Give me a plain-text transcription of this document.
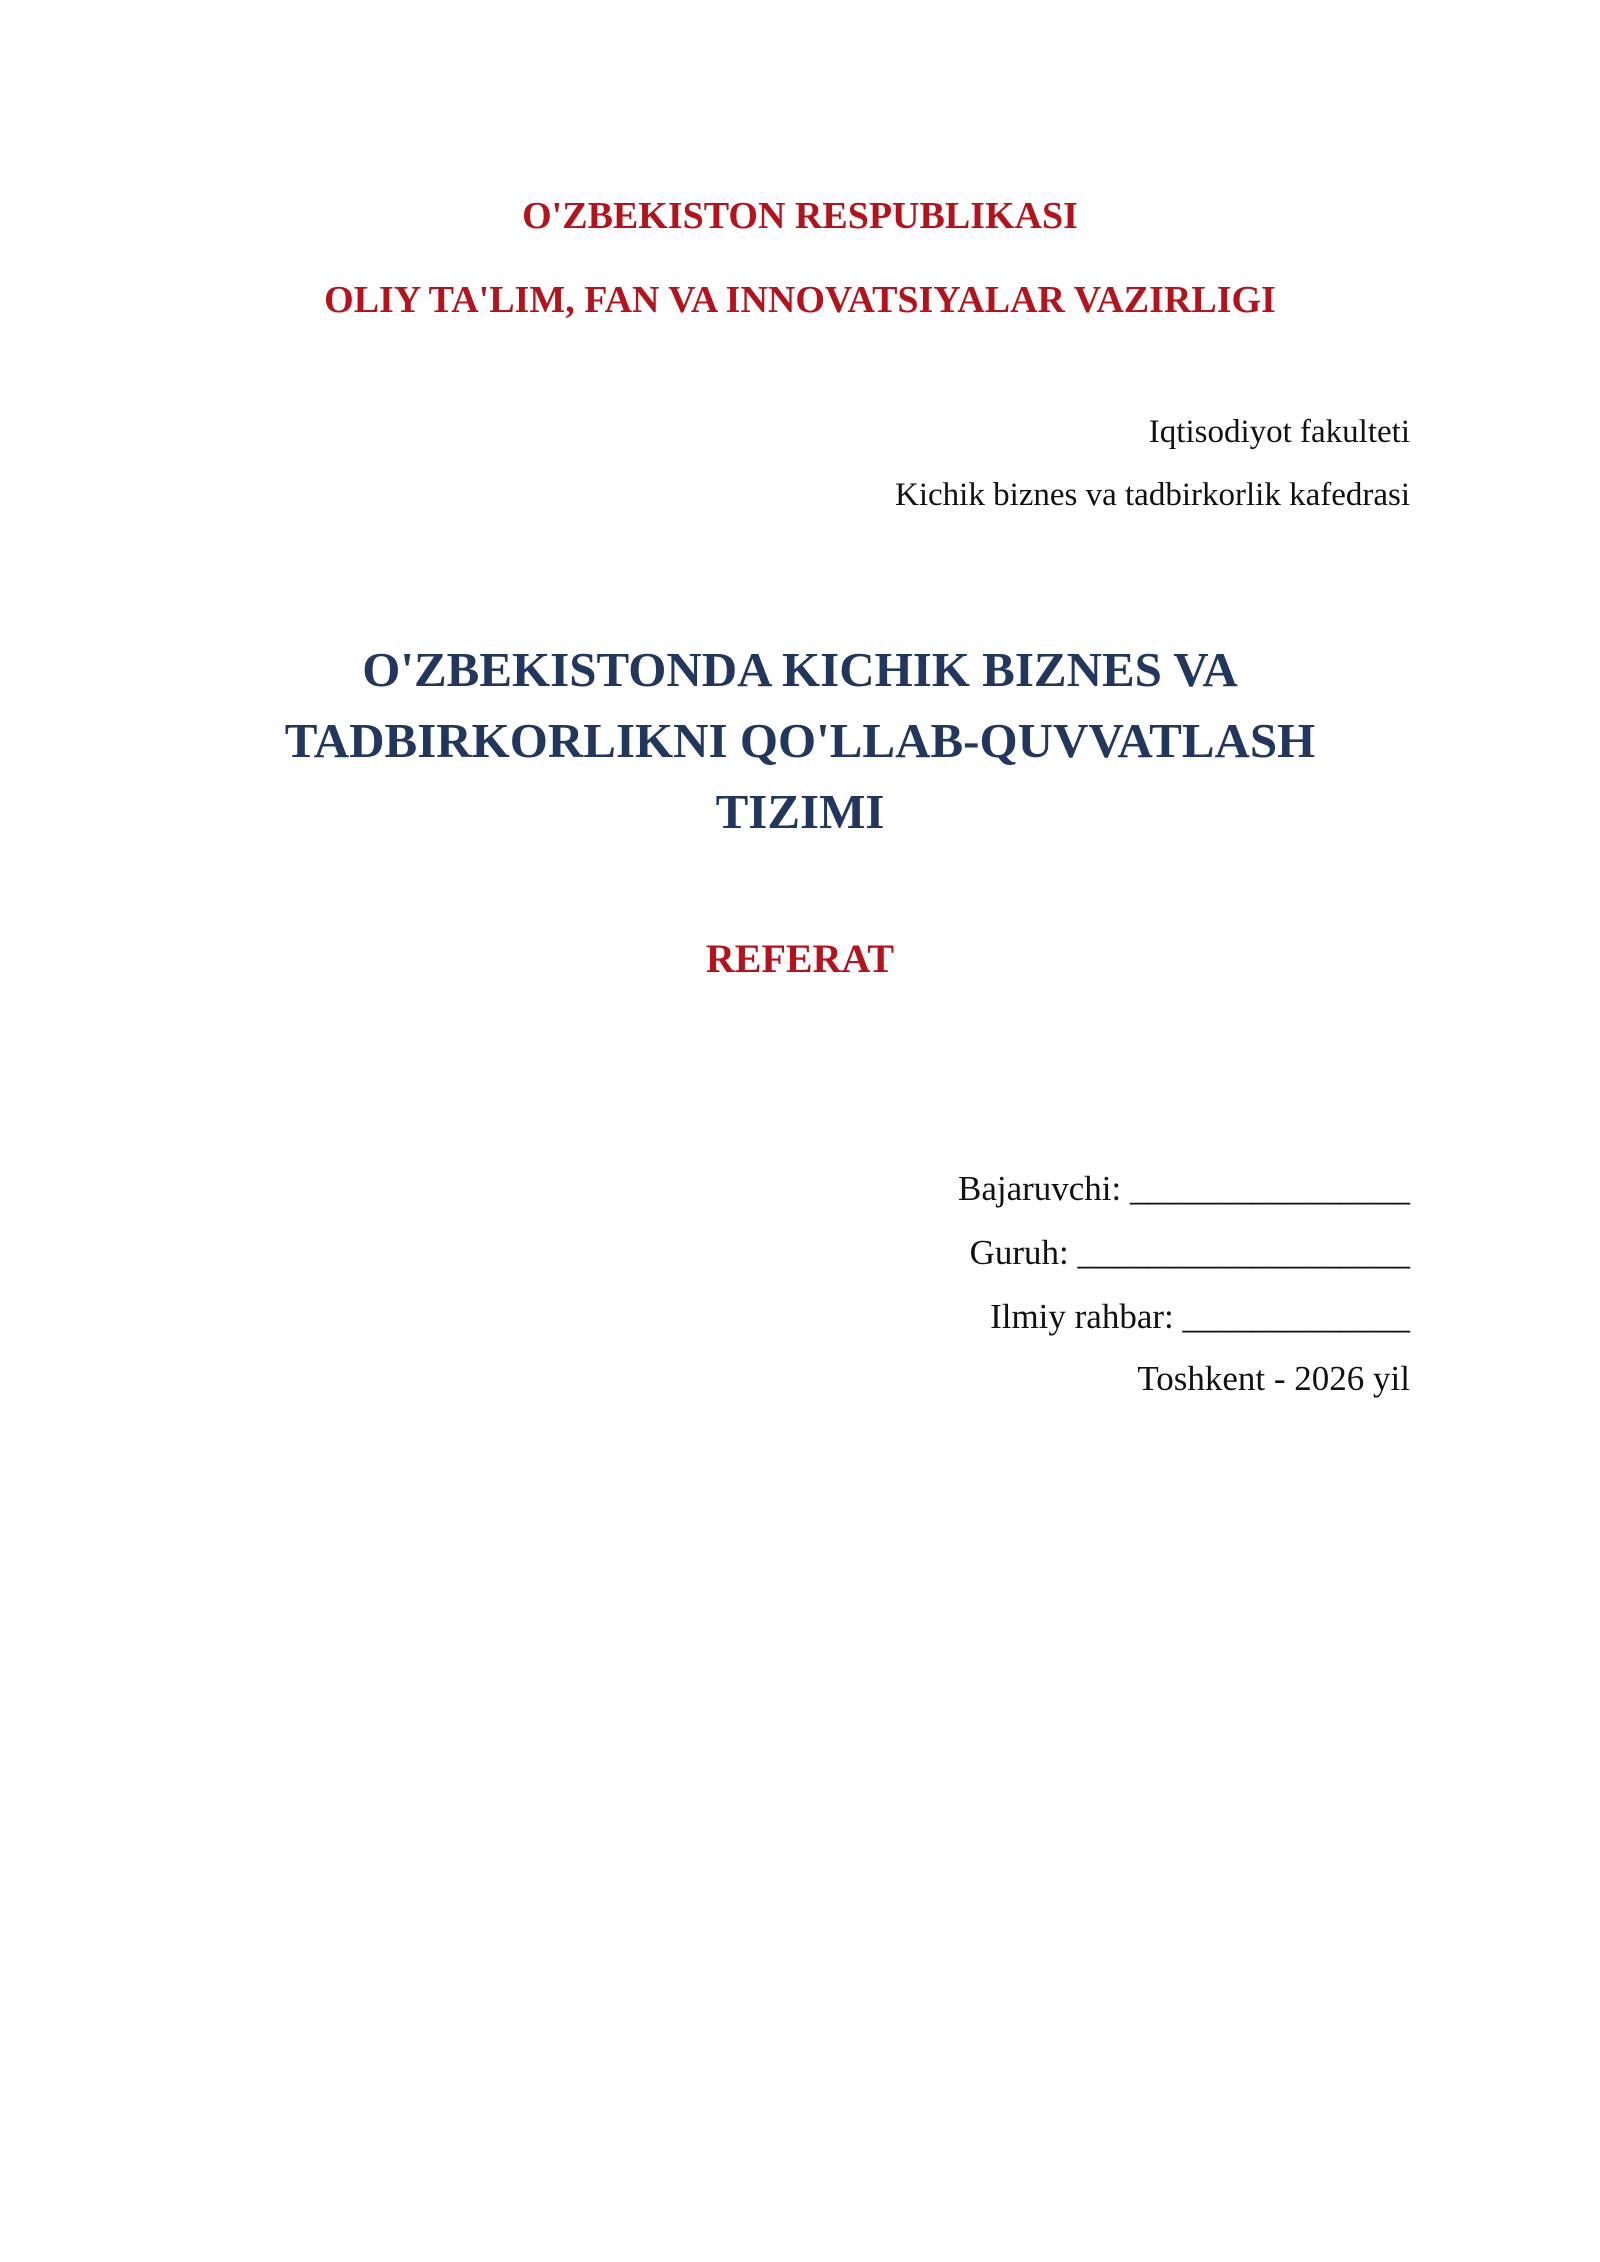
O'ZBEKISTON RESPUBLIKASI
OLIY TA'LIM, FAN VA INNOVATSIYALAR VAZIRLIGI
Iqtisodiyot fakulteti
Kichik biznes va tadbirkorlik kafedrasi
O'ZBEKISTONDA KICHIK BIZNES VA
TADBIRKORLIKNI QO'LLAB-QUVVATLASH
TIZIMI
REFERAT
Bajaruvchi: ________________
Guruh: ___________________
Ilmiy rahbar: _____________
Toshkent - 2026 yil
